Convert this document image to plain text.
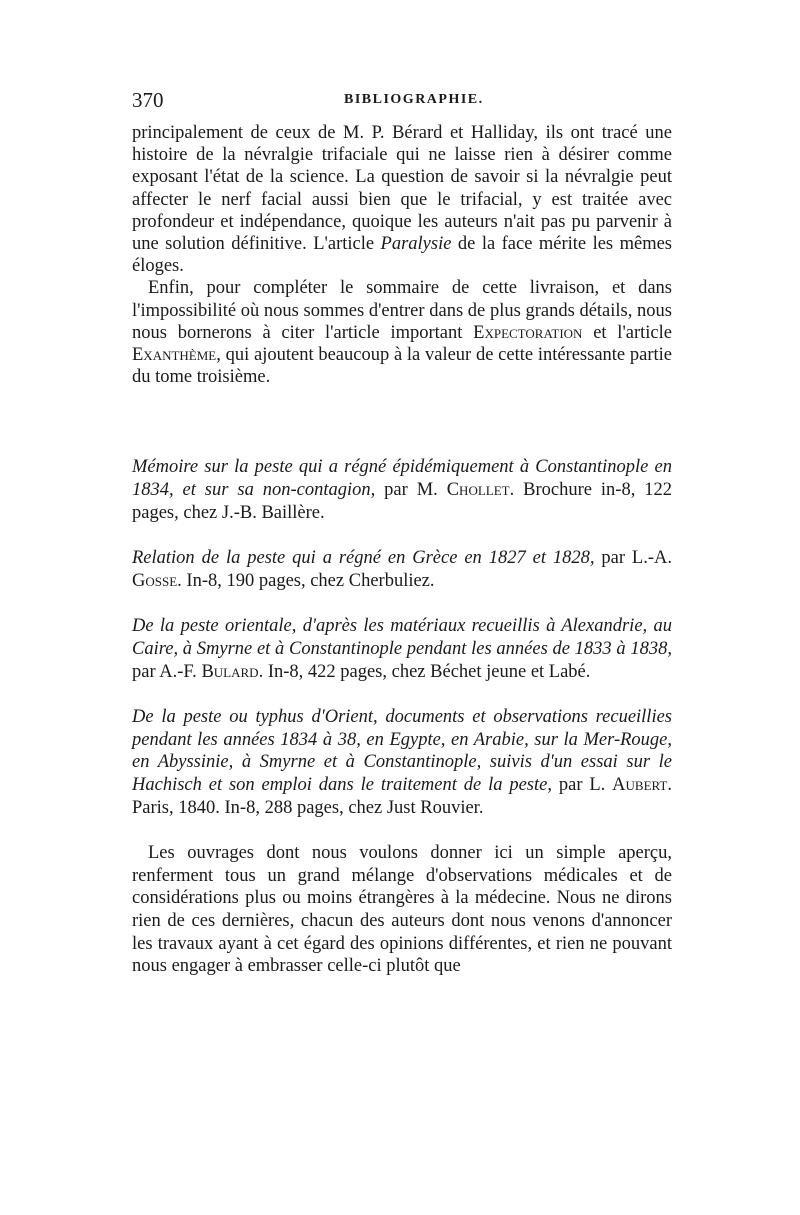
370	BIBLIOGRAPHIE.

principalement de ceux de M. P. Bérard et Halliday, ils ont tracé une histoire de la névralgie trifaciale qui ne laisse rien à désirer comme exposant l'état de la science. La question de savoir si la névralgie peut affecter le nerf facial aussi bien que le trifacial, y est traitée avec profondeur et indépendance, quoique les auteurs n'ait pas pu parvenir à une solution définitive. L'article Paralysie de la face mérite les mêmes éloges.

Enfin, pour compléter le sommaire de cette livraison, et dans l'impossibilité où nous sommes d'entrer dans de plus grands détails, nous nous bornerons à citer l'article important Expectoration et l'article Exanthème, qui ajoutent beaucoup à la valeur de cette intéressante partie du tome troisième.

Mémoire sur la peste qui a régné épidémiquement à Constantinople en 1834, et sur sa non-contagion, par M. Chollet. Brochure in-8, 122 pages, chez J.-B. Baillère.

Relation de la peste qui a régné en Grèce en 1827 et 1828, par L.-A. Gosse. In-8, 190 pages, chez Cherbuliez.

De la peste orientale, d'après les matériaux recueillis à Alexandrie, au Caire, à Smyrne et à Constantinople pendant les années de 1833 à 1838, par A.-F. Bulard. In-8, 422 pages, chez Béchet jeune et Labé.

De la peste ou typhus d'Orient, documents et observations recueillies pendant les années 1834 à 38, en Egypte, en Arabie, sur la Mer-Rouge, en Abyssinie, à Smyrne et à Constantinople, suivis d'un essai sur le Hachisch et son emploi dans le traitement de la peste, par L. Aubert. Paris, 1840. In-8, 288 pages, chez Just Rouvier.

Les ouvrages dont nous voulons donner ici un simple aperçu, renferment tous un grand mélange d'observations médicales et de considérations plus ou moins étrangères à la médecine. Nous ne dirons rien de ces dernières, chacun des auteurs dont nous venons d'annoncer les travaux ayant à cet égard des opinions différentes, et rien ne pouvant nous engager à embrasser celle-ci plutôt que
